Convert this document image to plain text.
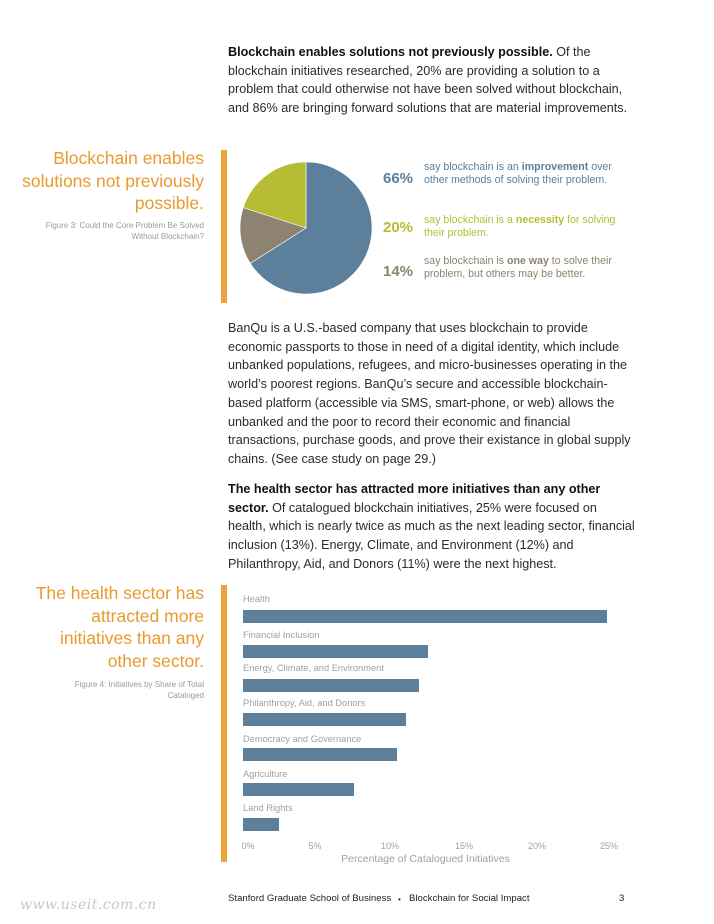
Blockchain enables solutions not previously possible. Of the blockchain initiatives researched, 20% are providing a solution to a problem that could otherwise not have been solved without blockchain, and 86% are bringing forward solutions that are material improvements.

Blockchain enables solutions not previously possible.
Figure 3: Could the Core Problem Be Solved Without Blockchain?
66%
say blockchain is an improvement over other methods of solving their problem.
20% say blockchain is a necessity for solving their problem.
14%
say blockchain is one way to solve their problem, but others may be better.

BanQu is a U.S.-based company that uses blockchain to provide economic passports to those in need of a digital identity, which include unbanked populations, refugees, and micro-businesses operating in the world’s poorest regions. BanQu’s secure and accessible blockchain-based platform (accessible via SMS, smart-phone, or web) allows the unbanked and the poor to record their economic and financial transactions, purchase goods, and prove their existance in global supply chains. (See case study on page 29.)

The health sector has attracted more initiatives than any other sector. Of catalogued blockchain initiatives, 25% were focused on health, which is nearly twice as much as the next leading sector, financial inclusion (13%). Energy, Climate, and Environment (12%) and Philanthropy, Aid, and Donors (11%) were the next highest.

The health sector has attracted more initiatives than any other sector.
Figure 4: Initiatives by Share of Total Cataloged
Health
Financial Inclusion
Energy, Climate, and Environment
Philanthropy, Aid, and Donors
Democracy and Governance
Agriculture
Land Rights
0%	5%	10%	15%	20%	25%
Percentage of Catalogued Initiatives
www.useit.com.cn	Stanford Graduate School of Business • Blockchain for Social Impact	3
